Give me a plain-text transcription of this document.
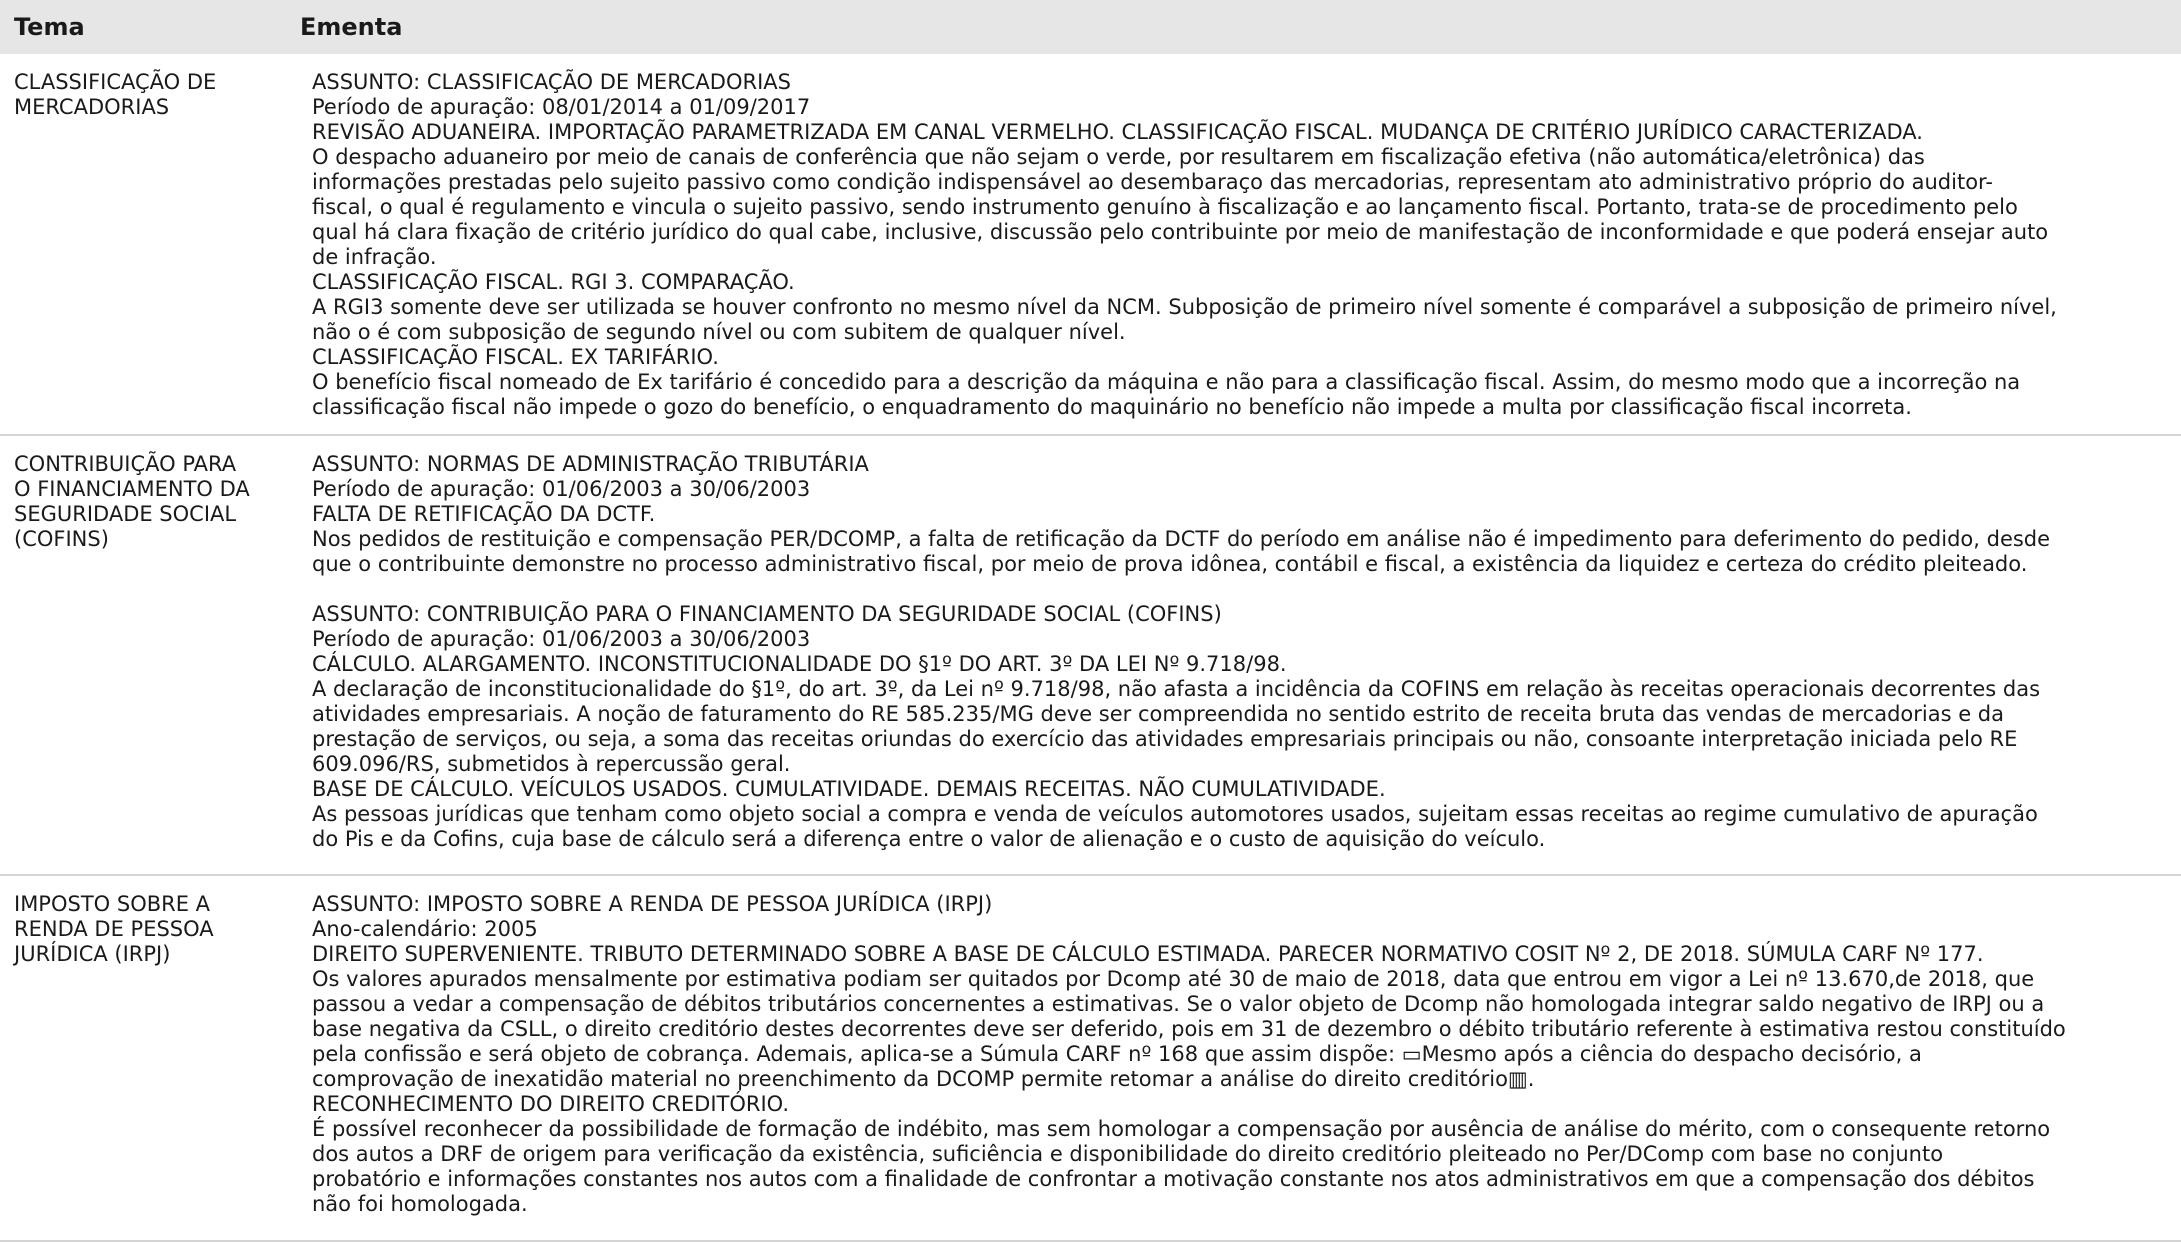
Tema	Ementa
CLASSIFICAÇÃO DE
MERCADORIAS
ASSUNTO: CLASSIFICAÇÃO DE MERCADORIAS
Período de apuração: 08/01/2014 a 01/09/2017
REVISÃO ADUANEIRA. IMPORTAÇÃO PARAMETRIZADA EM CANAL VERMELHO. CLASSIFICAÇÃO FISCAL. MUDANÇA DE CRITÉRIO JURÍDICO CARACTERIZADA.
O despacho aduaneiro por meio de canais de conferência que não sejam o verde, por resultarem em fiscalização efetiva (não automática/eletrônica) das
informações prestadas pelo sujeito passivo como condição indispensável ao desembaraço das mercadorias, representam ato administrativo próprio do auditor-
fiscal, o qual é regulamento e vincula o sujeito passivo, sendo instrumento genuíno à fiscalização e ao lançamento fiscal. Portanto, trata-se de procedimento pelo
qual há clara fixação de critério jurídico do qual cabe, inclusive, discussão pelo contribuinte por meio de manifestação de inconformidade e que poderá ensejar auto
de infração.
CLASSIFICAÇÃO FISCAL. RGI 3. COMPARAÇÃO.
A RGI3 somente deve ser utilizada se houver confronto no mesmo nível da NCM. Subposição de primeiro nível somente é comparável a subposição de primeiro nível,
não o é com subposição de segundo nível ou com subitem de qualquer nível.
CLASSIFICAÇÃO FISCAL. EX TARIFÁRIO.
O benefício fiscal nomeado de Ex tarifário é concedido para a descrição da máquina e não para a classificação fiscal. Assim, do mesmo modo que a incorreção na
classificação fiscal não impede o gozo do benefício, o enquadramento do maquinário no benefício não impede a multa por classificação fiscal incorreta.
CONTRIBUIÇÃO PARA
O FINANCIAMENTO DA
SEGURIDADE SOCIAL
(COFINS)
ASSUNTO: NORMAS DE ADMINISTRAÇÃO TRIBUTÁRIA
Período de apuração: 01/06/2003 a 30/06/2003
FALTA DE RETIFICAÇÃO DA DCTF.
Nos pedidos de restituição e compensação PER/DCOMP, a falta de retificação da DCTF do período em análise não é impedimento para deferimento do pedido, desde
que o contribuinte demonstre no processo administrativo fiscal, por meio de prova idônea, contábil e fiscal, a existência da liquidez e certeza do crédito pleiteado.
ASSUNTO: CONTRIBUIÇÃO PARA O FINANCIAMENTO DA SEGURIDADE SOCIAL (COFINS)
Período de apuração: 01/06/2003 a 30/06/2003
CÁLCULO. ALARGAMENTO. INCONSTITUCIONALIDADE DO §1º DO ART. 3º DA LEI Nº 9.718/98.
A declaração de inconstitucionalidade do §1º, do art. 3º, da Lei nº 9.718/98, não afasta a incidência da COFINS em relação às receitas operacionais decorrentes das
atividades empresariais. A noção de faturamento do RE 585.235/MG deve ser compreendida no sentido estrito de receita bruta das vendas de mercadorias e da
prestação de serviços, ou seja, a soma das receitas oriundas do exercício das atividades empresariais principais ou não, consoante interpretação iniciada pelo RE
609.096/RS, submetidos à repercussão geral.
BASE DE CÁLCULO. VEÍCULOS USADOS. CUMULATIVIDADE. DEMAIS RECEITAS. NÃO CUMULATIVIDADE.
As pessoas jurídicas que tenham como objeto social a compra e venda de veículos automotores usados, sujeitam essas receitas ao regime cumulativo de apuração
do Pis e da Cofins, cuja base de cálculo será a diferença entre o valor de alienação e o custo de aquisição do veículo.
IMPOSTO SOBRE A
RENDA DE PESSOA
JURÍDICA (IRPJ)
ASSUNTO: IMPOSTO SOBRE A RENDA DE PESSOA JURÍDICA (IRPJ)
Ano-calendário: 2005
DIREITO SUPERVENIENTE. TRIBUTO DETERMINADO SOBRE A BASE DE CÁLCULO ESTIMADA. PARECER NORMATIVO COSIT Nº 2, DE 2018. SÚMULA CARF Nº 177.
Os valores apurados mensalmente por estimativa podiam ser quitados por Dcomp até 30 de maio de 2018, data que entrou em vigor a Lei nº 13.670,de 2018, que
passou a vedar a compensação de débitos tributários concernentes a estimativas. Se o valor objeto de Dcomp não homologada integrar saldo negativo de IRPJ ou a
base negativa da CSLL, o direito creditório destes decorrentes deve ser deferido, pois em 31 de dezembro o débito tributário referente à estimativa restou constituído
pela confissão e será objeto de cobrança. Ademais, aplica-se a Súmula CARF nº 168 que assim dispõe: ▭Mesmo após a ciência do despacho decisório, a
comprovação de inexatidão material no preenchimento da DCOMP permite retomar a análise do direito creditório▥.
RECONHECIMENTO DO DIREITO CREDITÓRIO.
É possível reconhecer da possibilidade de formação de indébito, mas sem homologar a compensação por ausência de análise do mérito, com o consequente retorno
dos autos a DRF de origem para verificação da existência, suficiência e disponibilidade do direito creditório pleiteado no Per/DComp com base no conjunto
probatório e informações constantes nos autos com a finalidade de confrontar a motivação constante nos atos administrativos em que a compensação dos débitos
não foi homologada.
